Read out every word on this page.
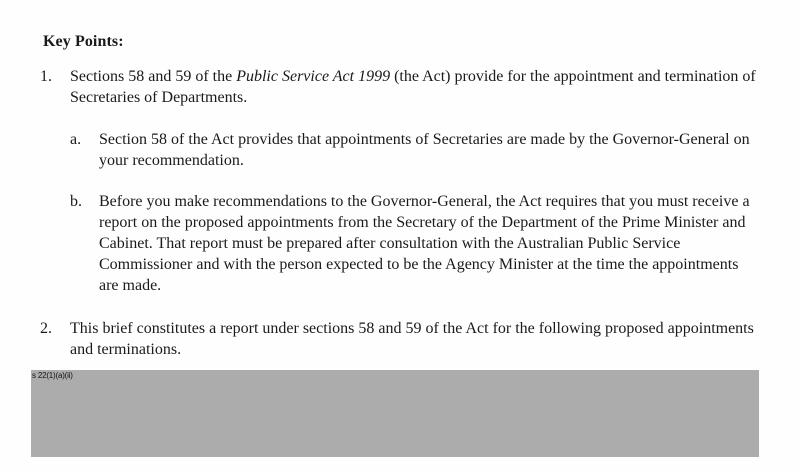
Key Points:
1.	Sections 58 and 59 of the Public Service Act 1999 (the Act) provide for the appointment and termination of Secretaries of Departments.
a.	Section 58 of the Act provides that appointments of Secretaries are made by the Governor-General on your recommendation.
b.	Before you make recommendations to the Governor-General, the Act requires that you must receive a report on the proposed appointments from the Secretary of the Department of the Prime Minister and Cabinet. That report must be prepared after consultation with the Australian Public Service Commissioner and with the person expected to be the Agency Minister at the time the appointments are made.
2.	This brief constitutes a report under sections 58 and 59 of the Act for the following proposed appointments and terminations.
s 22(1)(a)(ii)
